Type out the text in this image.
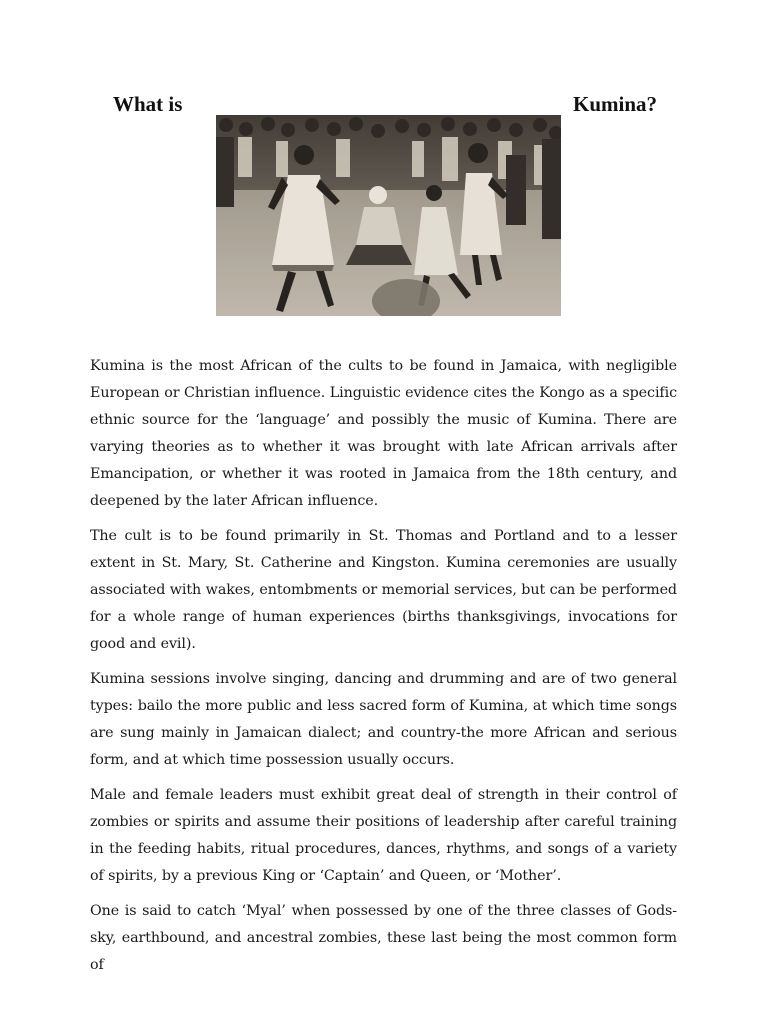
What is	Kumina?

Kumina is the most African of the cults to be found in Jamaica, with negligible European or Christian influence. Linguistic evidence cites the Kongo as a specific ethnic source for the ‘language’ and possibly the music of Kumina. There are varying theories as to whether it was brought with late African arrivals after Emancipation, or whether it was rooted in Jamaica from the 18th century, and deepened by the later African influence.

The cult is to be found primarily in St. Thomas and Portland and to a lesser extent in St. Mary, St. Catherine and Kingston. Kumina ceremonies are usually associated with wakes, entombments or memorial services, but can be performed for a whole range of human experiences (births thanksgivings, invocations for good and evil).

Kumina sessions involve singing, dancing and drumming and are of two general types: bailo the more public and less sacred form of Kumina, at which time songs are sung mainly in Jamaican dialect; and country-the more African and serious form, and at which time possession usually occurs.

Male and female leaders must exhibit great deal of strength in their control of zombies or spirits and assume their positions of leadership after careful training in the feeding habits, ritual procedures, dances, rhythms, and songs of a variety of spirits, by a previous King or ‘Captain’ and Queen, or ‘Mother’.

One is said to catch ‘Myal’ when possessed by one of the three classes of Gods-sky, earthbound, and ancestral zombies, these last being the most common form of
